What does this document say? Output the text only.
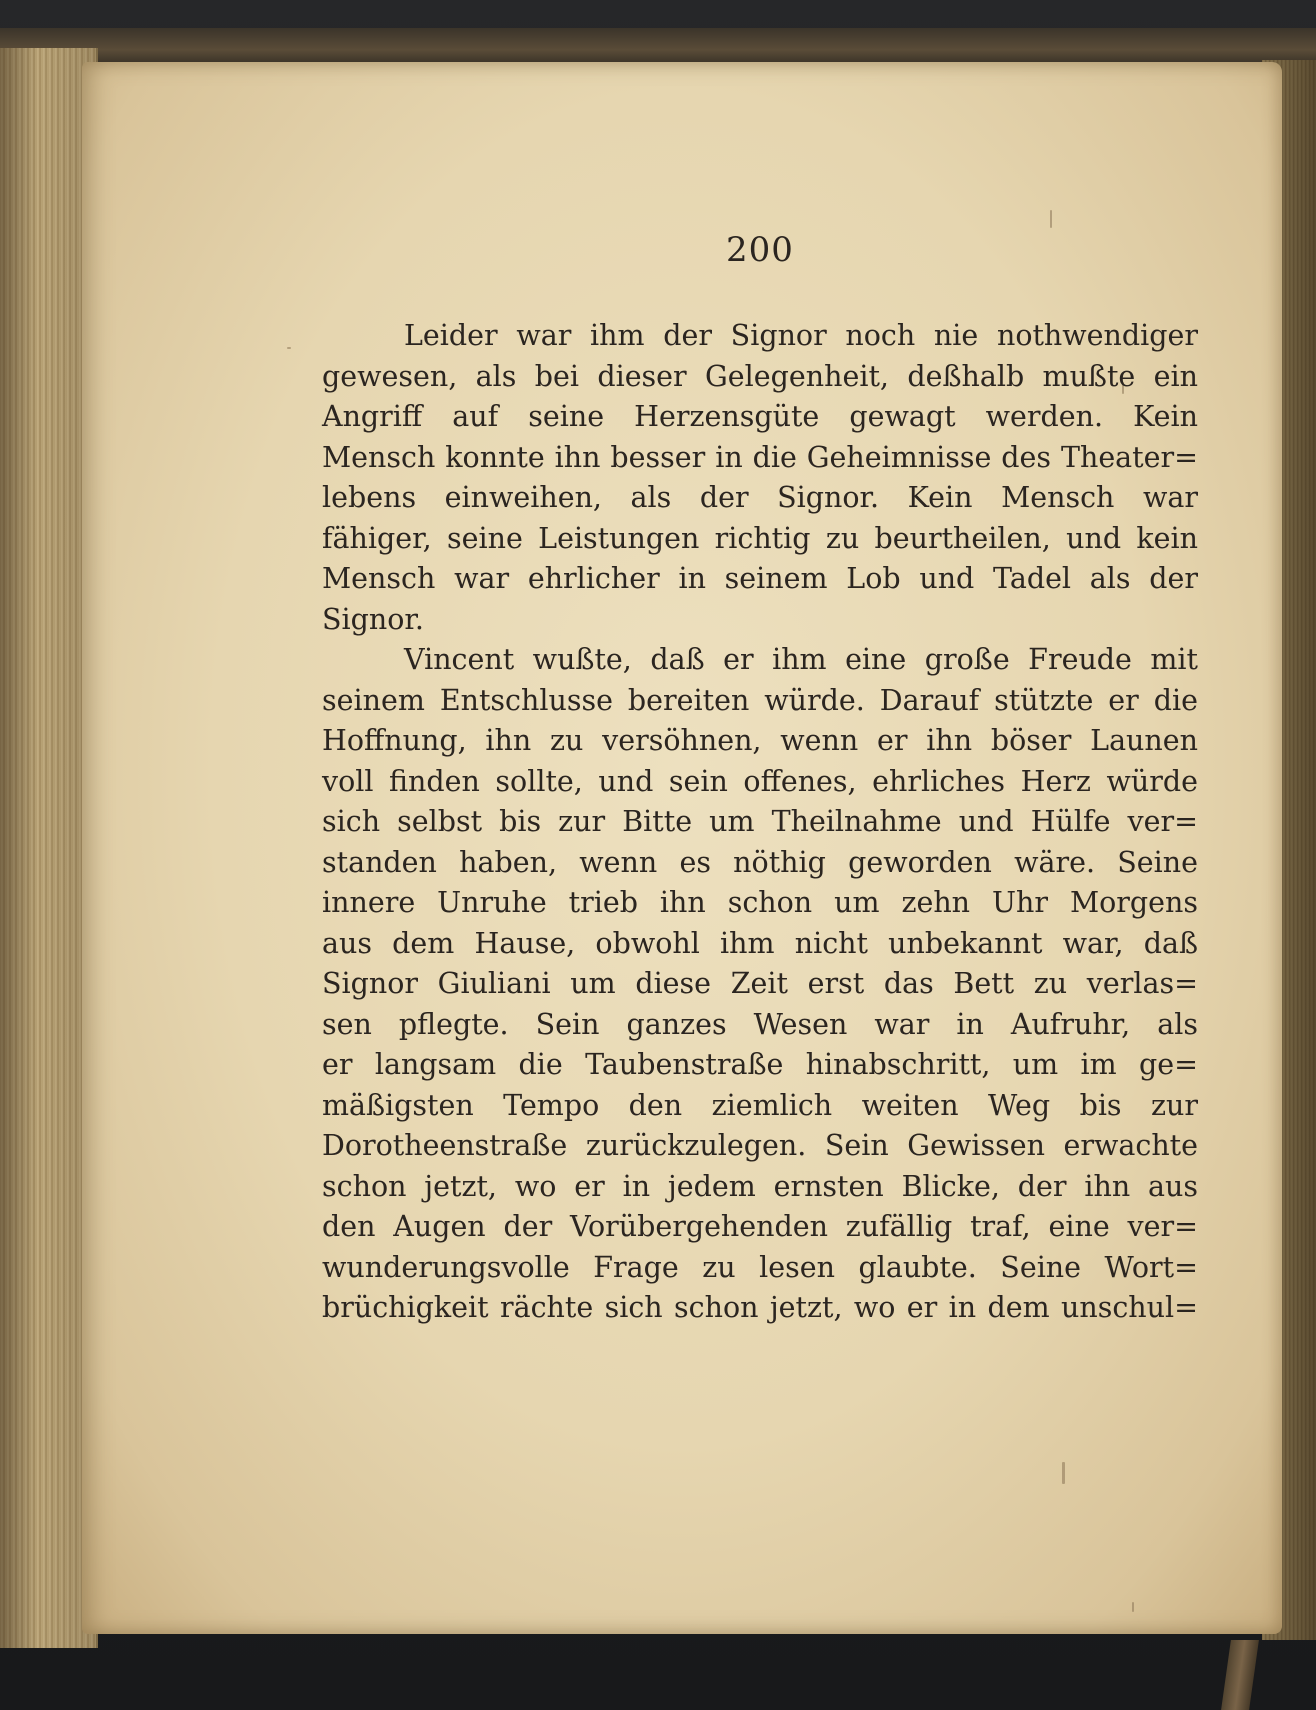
200
Leider war ihm der Signor noch nie nothwendiger
gewesen, als bei dieser Gelegenheit, deßhalb mußte ein
Angriff auf seine Herzensgüte gewagt werden. Kein
Mensch konnte ihn besser in die Geheimnisse des Theater=
lebens einweihen, als der Signor. Kein Mensch war
fähiger, seine Leistungen richtig zu beurtheilen, und kein
Mensch war ehrlicher in seinem Lob und Tadel als der
Signor.
Vincent wußte, daß er ihm eine große Freude mit
seinem Entschlusse bereiten würde. Darauf stützte er die
Hoffnung, ihn zu versöhnen, wenn er ihn böser Launen
voll finden sollte, und sein offenes, ehrliches Herz würde
sich selbst bis zur Bitte um Theilnahme und Hülfe ver=
standen haben, wenn es nöthig geworden wäre. Seine
innere Unruhe trieb ihn schon um zehn Uhr Morgens
aus dem Hause, obwohl ihm nicht unbekannt war, daß
Signor Giuliani um diese Zeit erst das Bett zu verlas=
sen pflegte. Sein ganzes Wesen war in Aufruhr, als
er langsam die Taubenstraße hinabschritt, um im ge=
mäßigsten Tempo den ziemlich weiten Weg bis zur
Dorotheenstraße zurückzulegen. Sein Gewissen erwachte
schon jetzt, wo er in jedem ernsten Blicke, der ihn aus
den Augen der Vorübergehenden zufällig traf, eine ver=
wunderungsvolle Frage zu lesen glaubte. Seine Wort=
brüchigkeit rächte sich schon jetzt, wo er in dem unschul=
